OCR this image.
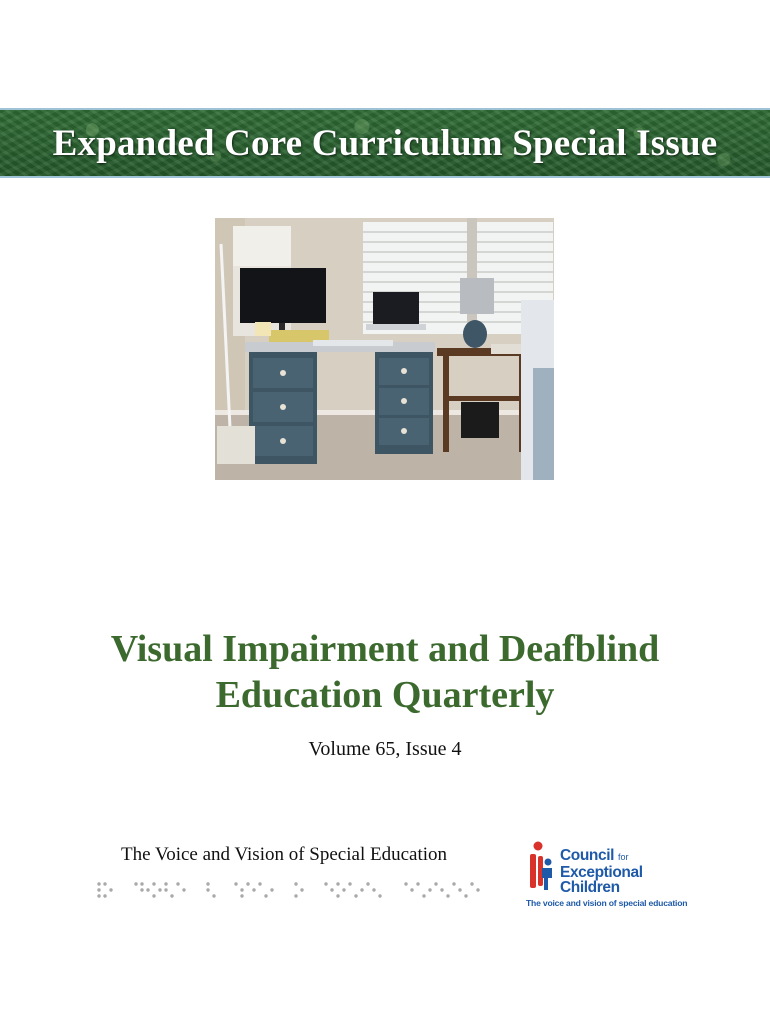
Expanded Core Curriculum Special Issue
Visual Impairment and Deafblind
Education Quarterly
Volume 65, Issue 4
The Voice and Vision of Special Education	Council for
Exceptional
Children
The voice and vision of special education
